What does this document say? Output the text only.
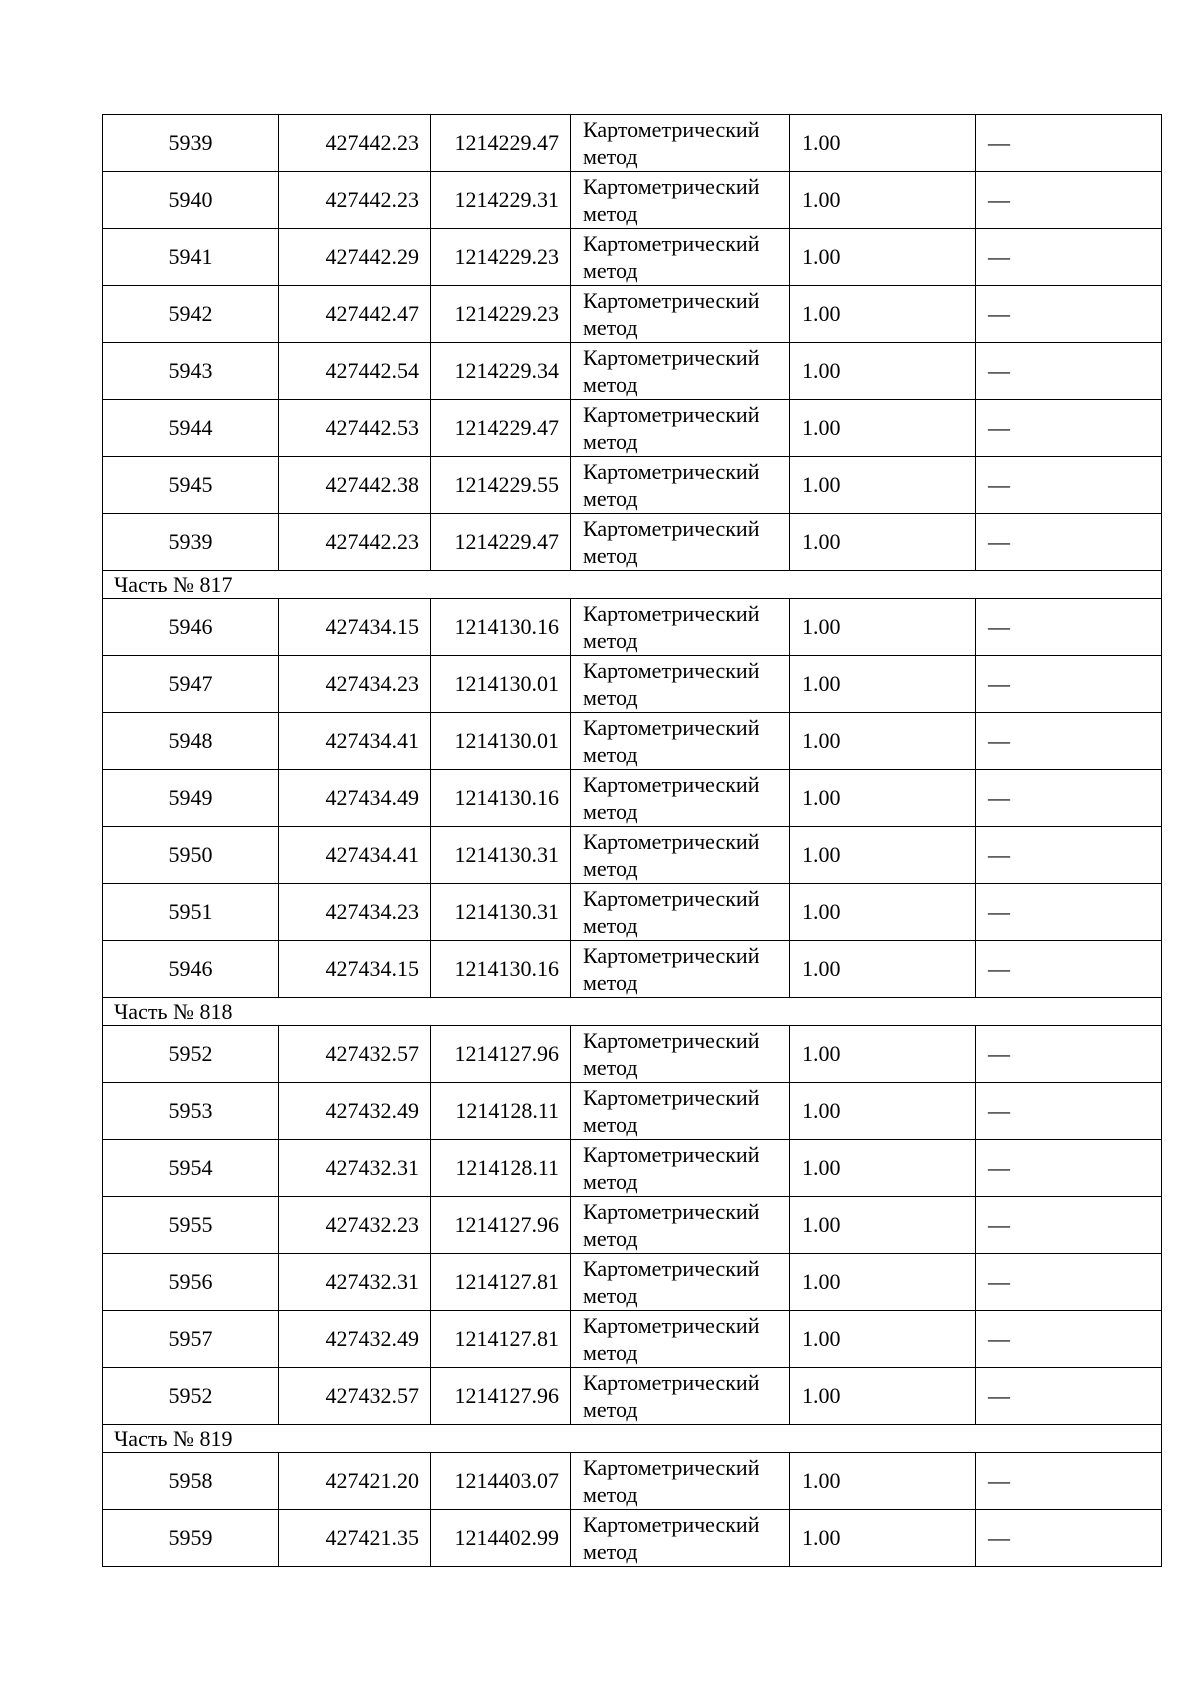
5939	427442.23	1214229.47	Картометрический
метод	1.00	—
5940	427442.23	1214229.31	Картометрический
метод	1.00	—
5941	427442.29	1214229.23	Картометрический
метод	1.00	—
5942	427442.47	1214229.23	Картометрический
метод	1.00	—
5943	427442.54	1214229.34	Картометрический
метод	1.00	—
5944	427442.53	1214229.47	Картометрический
метод	1.00	—
5945	427442.38	1214229.55	Картометрический
метод	1.00	—
5939	427442.23	1214229.47	Картометрический
метод	1.00	—
Часть № 817					
5946	427434.15	1214130.16	Картометрический
метод	1.00	—
5947	427434.23	1214130.01	Картометрический
метод	1.00	—
5948	427434.41	1214130.01	Картометрический
метод	1.00	—
5949	427434.49	1214130.16	Картометрический
метод	1.00	—
5950	427434.41	1214130.31	Картометрический
метод	1.00	—
5951	427434.23	1214130.31	Картометрический
метод	1.00	—
5946	427434.15	1214130.16	Картометрический
метод	1.00	—
Часть № 818					
5952	427432.57	1214127.96	Картометрический
метод	1.00	—
5953	427432.49	1214128.11	Картометрический
метод	1.00	—
5954	427432.31	1214128.11	Картометрический
метод	1.00	—
5955	427432.23	1214127.96	Картометрический
метод	1.00	—
5956	427432.31	1214127.81	Картометрический
метод	1.00	—
5957	427432.49	1214127.81	Картометрический
метод	1.00	—
5952	427432.57	1214127.96	Картометрический
метод	1.00	—
Часть № 819					
5958	427421.20	1214403.07	Картометрический
метод	1.00	—
5959	427421.35	1214402.99	Картометрический
метод	1.00	—
